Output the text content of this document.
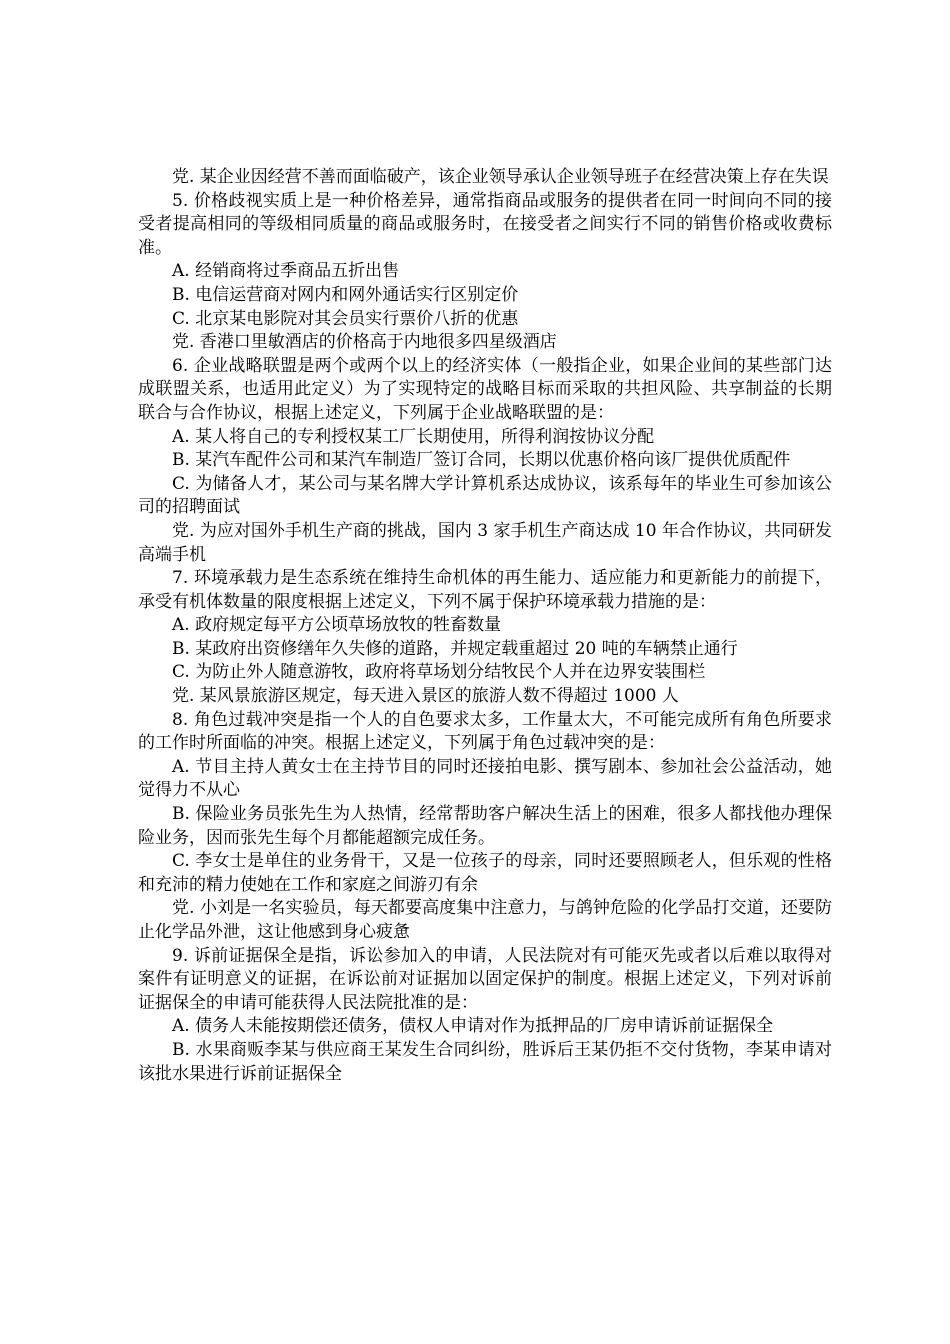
党. 某企业因经营不善而面临破产，该企业领导承认企业领导班子在经营决策上存在失误

5. 价格歧视实质上是一种价格差异，通常指商品或服务的提供者在同一时间向不同的接受者提高相同的等级相同质量的商品或服务时，在接受者之间实行不同的销售价格或收费标准。

A. 经销商将过季商品五折出售

B. 电信运营商对网内和网外通话实行区别定价

C. 北京某电影院对其会员实行票价八折的优惠

党. 香港口里敏酒店的价格高于内地很多四星级酒店

6. 企业战略联盟是两个或两个以上的经济实体（一般指企业，如果企业间的某些部门达成联盟关系，也适用此定义）为了实现特定的战略目标而采取的共担风险、共享制益的长期联合与合作协议，根据上述定义，下列属于企业战略联盟的是：

A. 某人将自己的专利授权某工厂长期使用，所得利润按协议分配

B. 某汽车配件公司和某汽车制造厂签订合同，长期以优惠价格向该厂提供优质配件

C. 为储备人才，某公司与某名牌大学计算机系达成协议，该系每年的毕业生可参加该公司的招聘面试

党. 为应对国外手机生产商的挑战，国内 3 家手机生产商达成 10 年合作协议，共同研发高端手机

7. 环境承载力是生态系统在维持生命机体的再生能力、适应能力和更新能力的前提下，承受有机体数量的限度根据上述定义，下列不属于保护环境承载力措施的是：

A. 政府规定每平方公顷草场放牧的牲畜数量

B. 某政府出资修缮年久失修的道路，并规定载重超过 20 吨的车辆禁止通行

C. 为防止外人随意游牧，政府将草场划分结牧民个人并在边界安装围栏

党. 某风景旅游区规定，每天进入景区的旅游人数不得超过 1000 人

8. 角色过载冲突是指一个人的自色要求太多，工作量太大，不可能完成所有角色所要求的工作时所面临的冲突。根据上述定义，下列属于角色过载冲突的是：

A. 节目主持人黄女士在主持节目的同时还接拍电影、撰写剧本、参加社会公益活动，她觉得力不从心

B. 保险业务员张先生为人热情，经常帮助客户解决生活上的困难，很多人都找他办理保险业务，因而张先生每个月都能超额完成任务。

C. 李女士是单住的业务骨干，又是一位孩子的母亲，同时还要照顾老人，但乐观的性格和充沛的精力使她在工作和家庭之间游刃有余

党. 小刘是一名实验员，每天都要高度集中注意力，与鸽钟危险的化学品打交道，还要防止化学品外泄，这让他感到身心疲惫

9. 诉前证据保全是指，诉讼参加入的申请，人民法院对有可能灭先或者以后难以取得对案件有证明意义的证据，在诉讼前对证据加以固定保护的制度。根据上述定义，下列对诉前证据保全的申请可能获得人民法院批准的是：

A. 债务人未能按期偿还债务，债权人申请对作为抵押品的厂房申请诉前证据保全

B. 水果商贩李某与供应商王某发生合同纠纷，胜诉后王某仍拒不交付货物，李某申请对该批水果进行诉前证据保全
